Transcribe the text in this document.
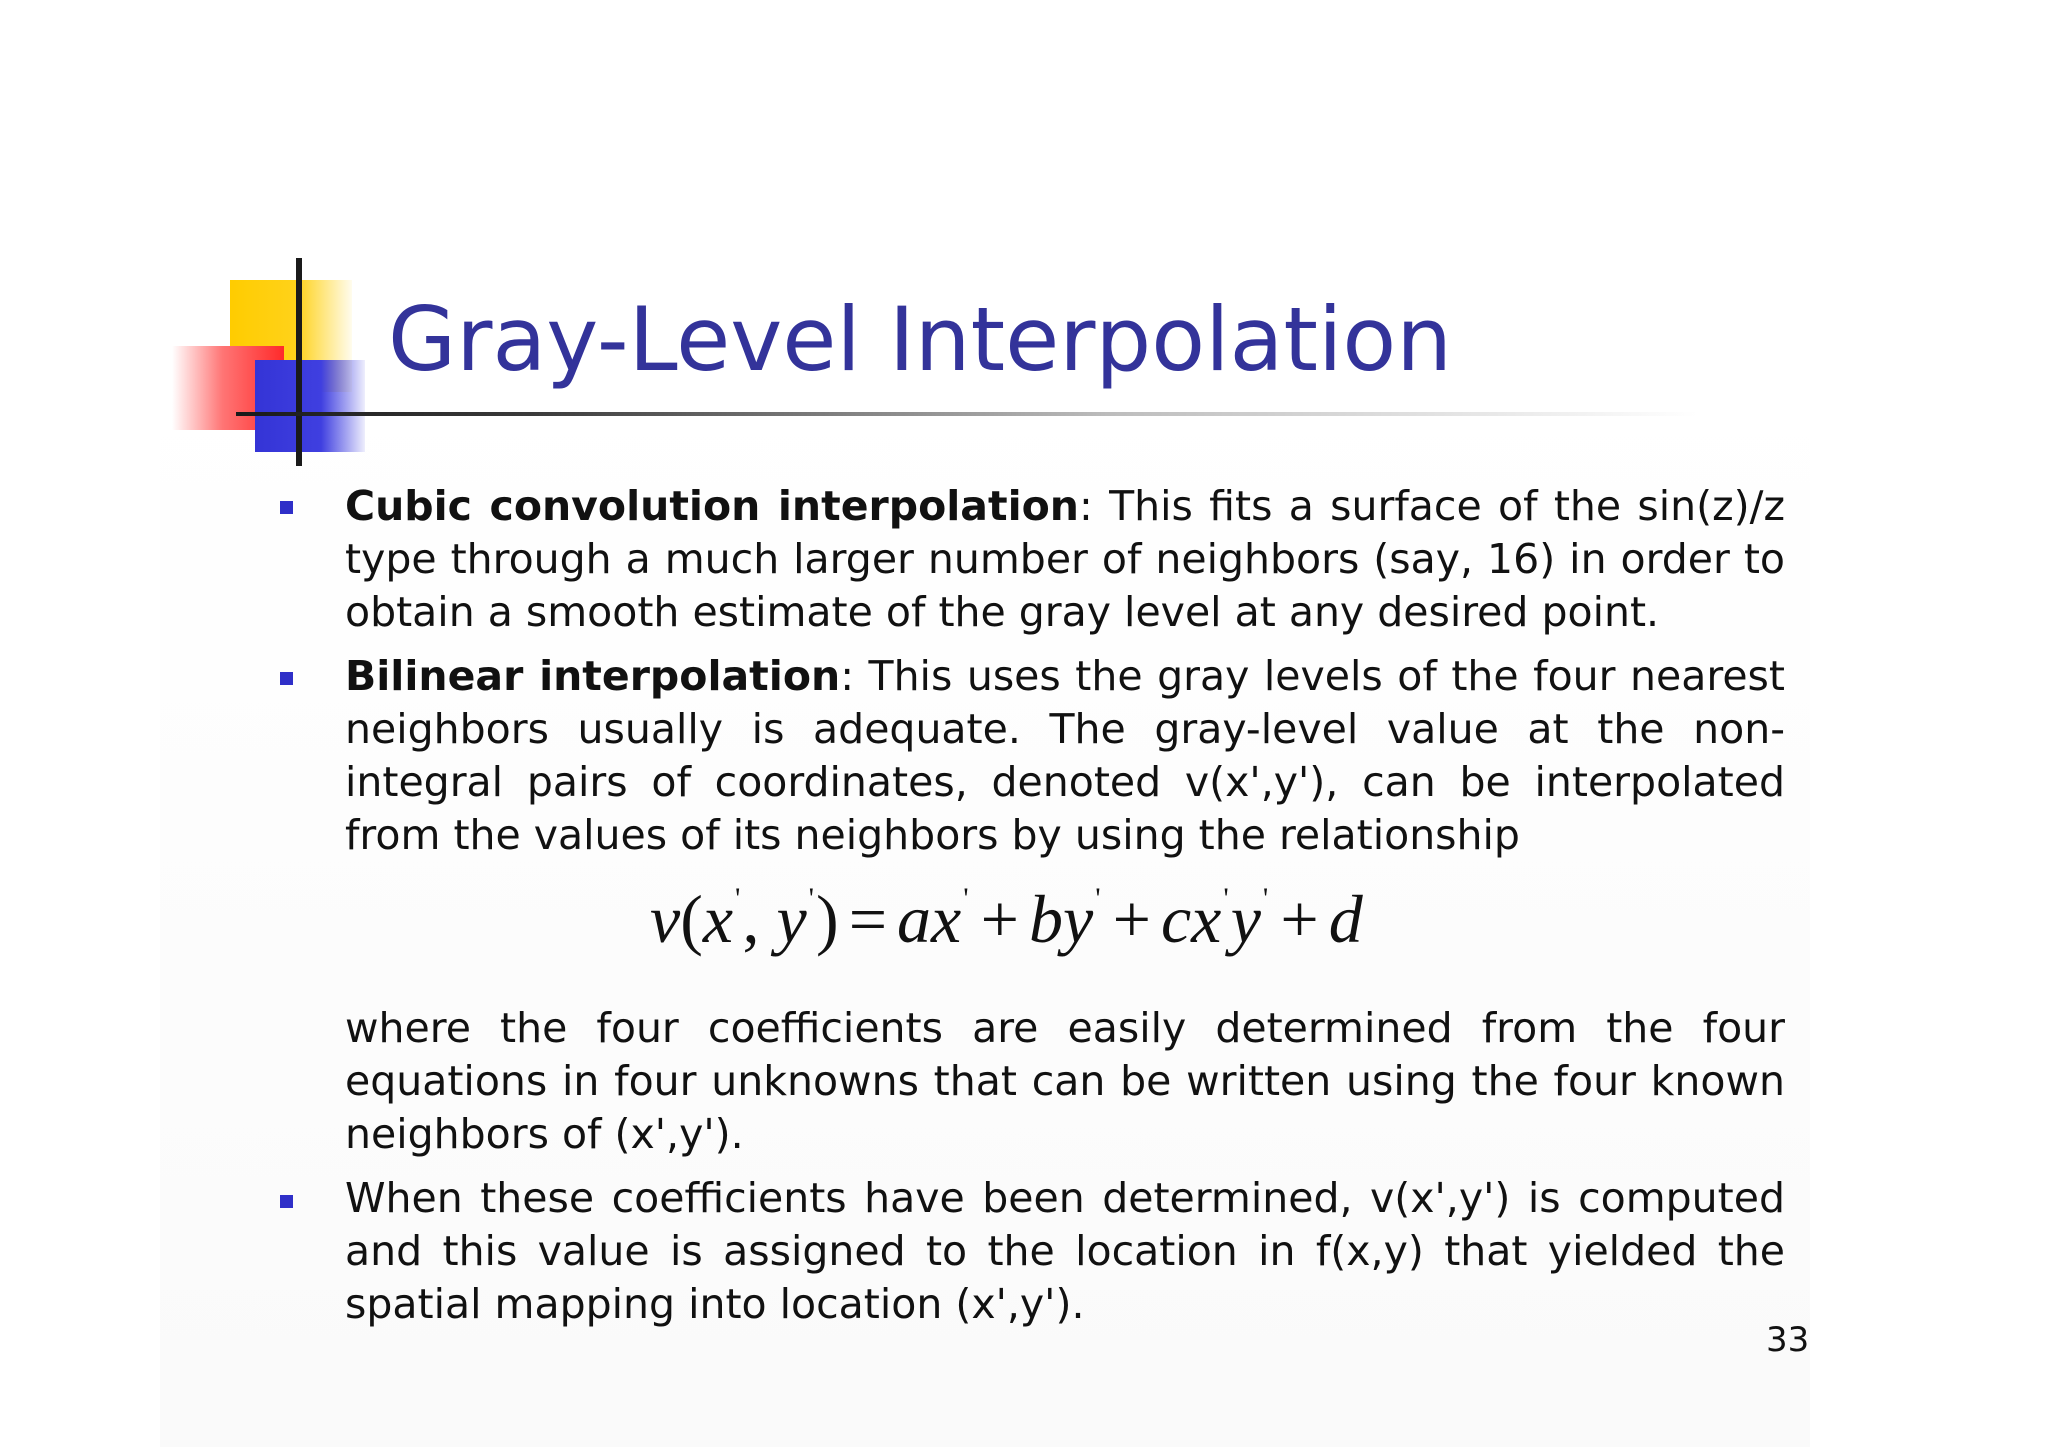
Gray-Level Interpolation
Cubic convolution interpolation: This fits a surface of the sin(z)/z type through a much larger number of neighbors (say, 16) in order to obtain a smooth estimate of the gray level at any desired point.
Bilinear interpolation: This uses the gray levels of the four nearest neighbors usually is adequate. The gray-level value at the non-integral pairs of coordinates, denoted v(x',y'), can be interpolated from the values of its neighbors by using the relationship
v(x', y') = ax' + by' + cx'y' + d
where the four coefficients are easily determined from the four equations in four unknowns that can be written using the four known neighbors of (x',y').
When these coefficients have been determined, v(x',y') is computed and this value is assigned to the location in f(x,y) that yielded the spatial mapping into location (x',y').
33
